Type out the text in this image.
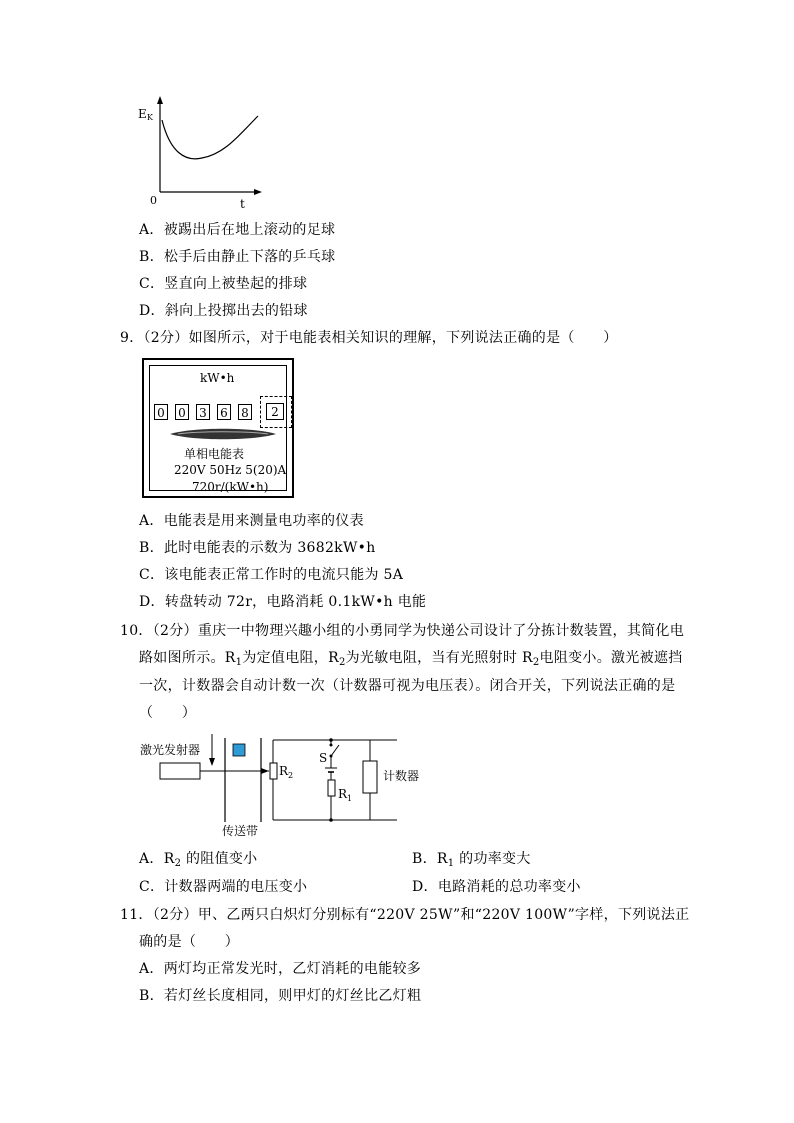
E K
0	t
A．被踢出后在地上滚动的足球
B．松手后由静止下落的乒乓球
C．竖直向上被垫起的排球
D．斜向上投掷出去的铅球
9．（2分）如图所示，对于电能表相关知识的理解，下列说法正确的是（　　）
kW•h
0 0 3 6 8	2
单相电能表
220V 50Hz 5(20)A
720r/(kW•h)
A．电能表是用来测量电功率的仪表
B．此时电能表的示数为 3682kW•h
C．该电能表正常工作时的电流只能为 5A
D．转盘转动 72r，电路消耗 0.1kW•h 电能
10．（2分）重庆一中物理兴趣小组的小勇同学为快递公司设计了分拣计数装置，其简化电
路如图所示。$R_1$为定值电阻，$R_2$为光敏电阻，当有光照射时 $R_2$电阻变小。激光被遮挡
一次，计数器会自动计数一次（计数器可视为电压表）。闭合开关，下列说法正确的是
（　　）
激光发射器
传送带
R 2
S
R 1
计数器
A．$R_2$ 的阻值变小	B．$R_1$ 的功率变大
C．计数器两端的电压变小	D．电路消耗的总功率变小
11．（2分）甲、乙两只白炽灯分别标有“220V 25W”和“220V 100W”字样，下列说法正
确的是（　　）
A．两灯均正常发光时，乙灯消耗的电能较多
B．若灯丝长度相同，则甲灯的灯丝比乙灯粗
